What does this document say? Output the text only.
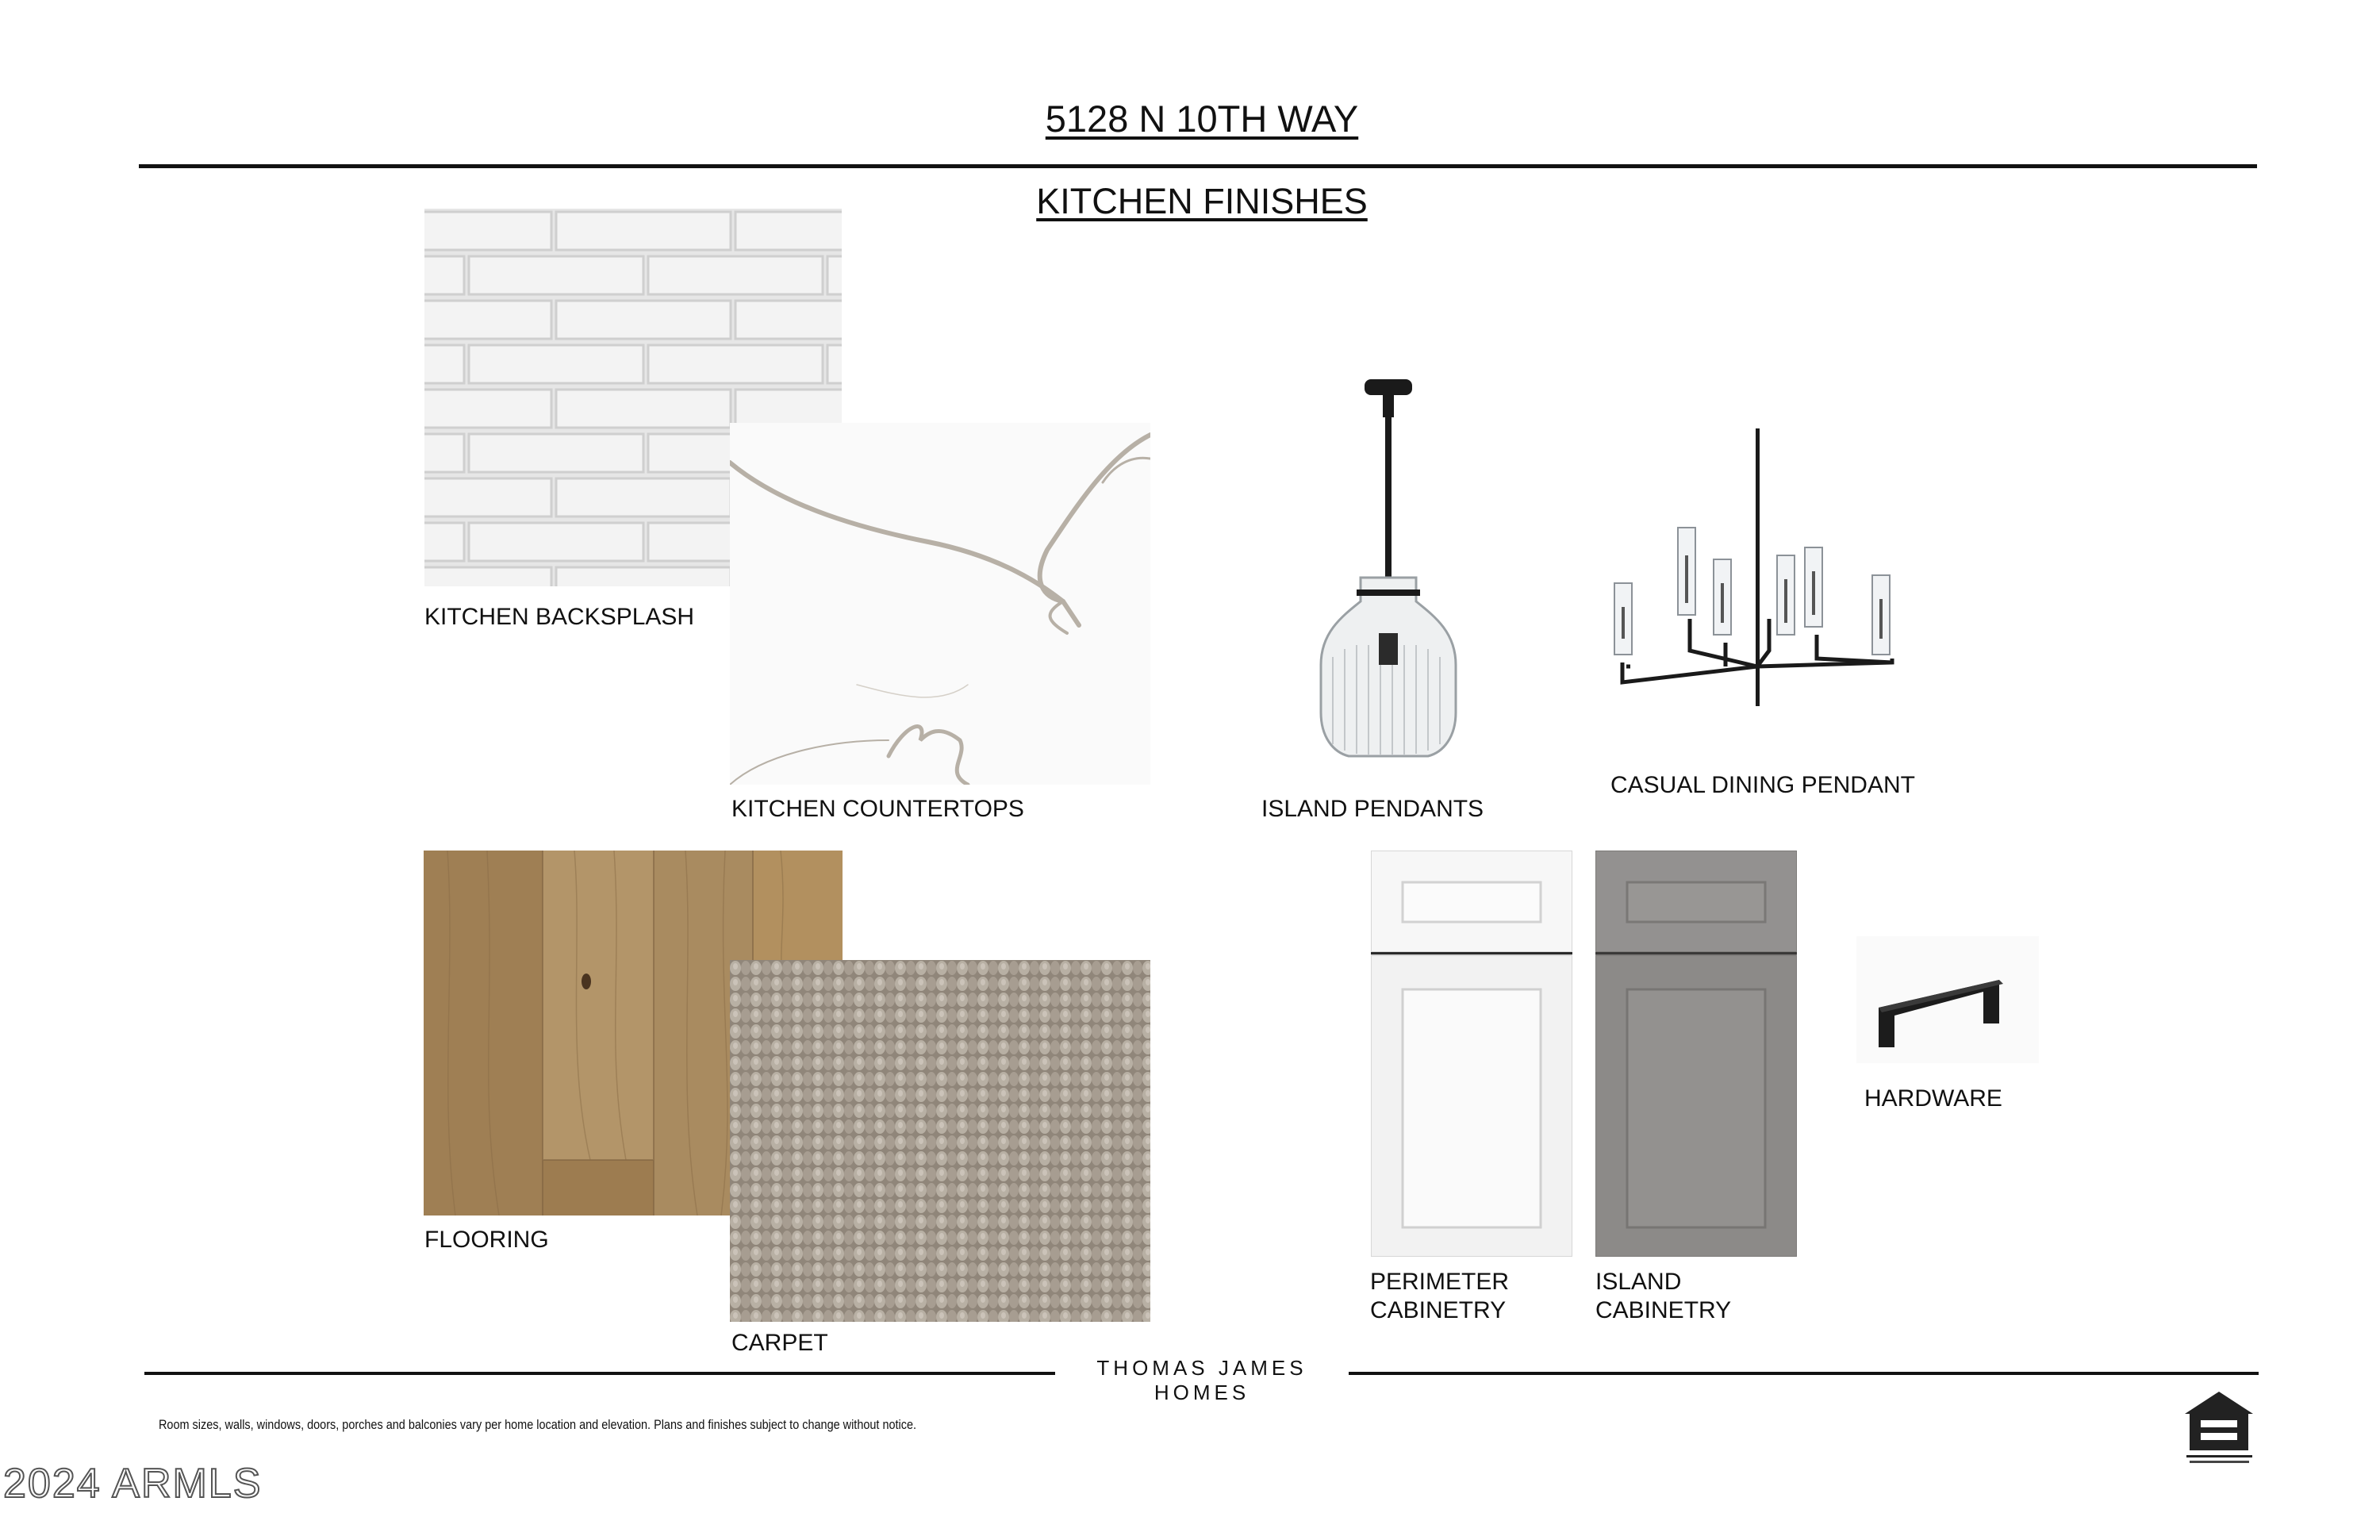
5128 N 10TH WAY
KITCHEN FINISHES
KITCHEN BACKSPLASH
KITCHEN COUNTERTOPS	ISLAND PENDANTS
CASUAL DINING PENDANT
FLOORING
CARPET
PERIMETER
CABINETRY
ISLAND
CABINETRY
HARDWARE
THOMAS JAMES HOMES
Room sizes, walls, windows, doors, porches and balconies vary per home location and elevation. Plans and finishes subject to change without notice.
2024 ARMLS
